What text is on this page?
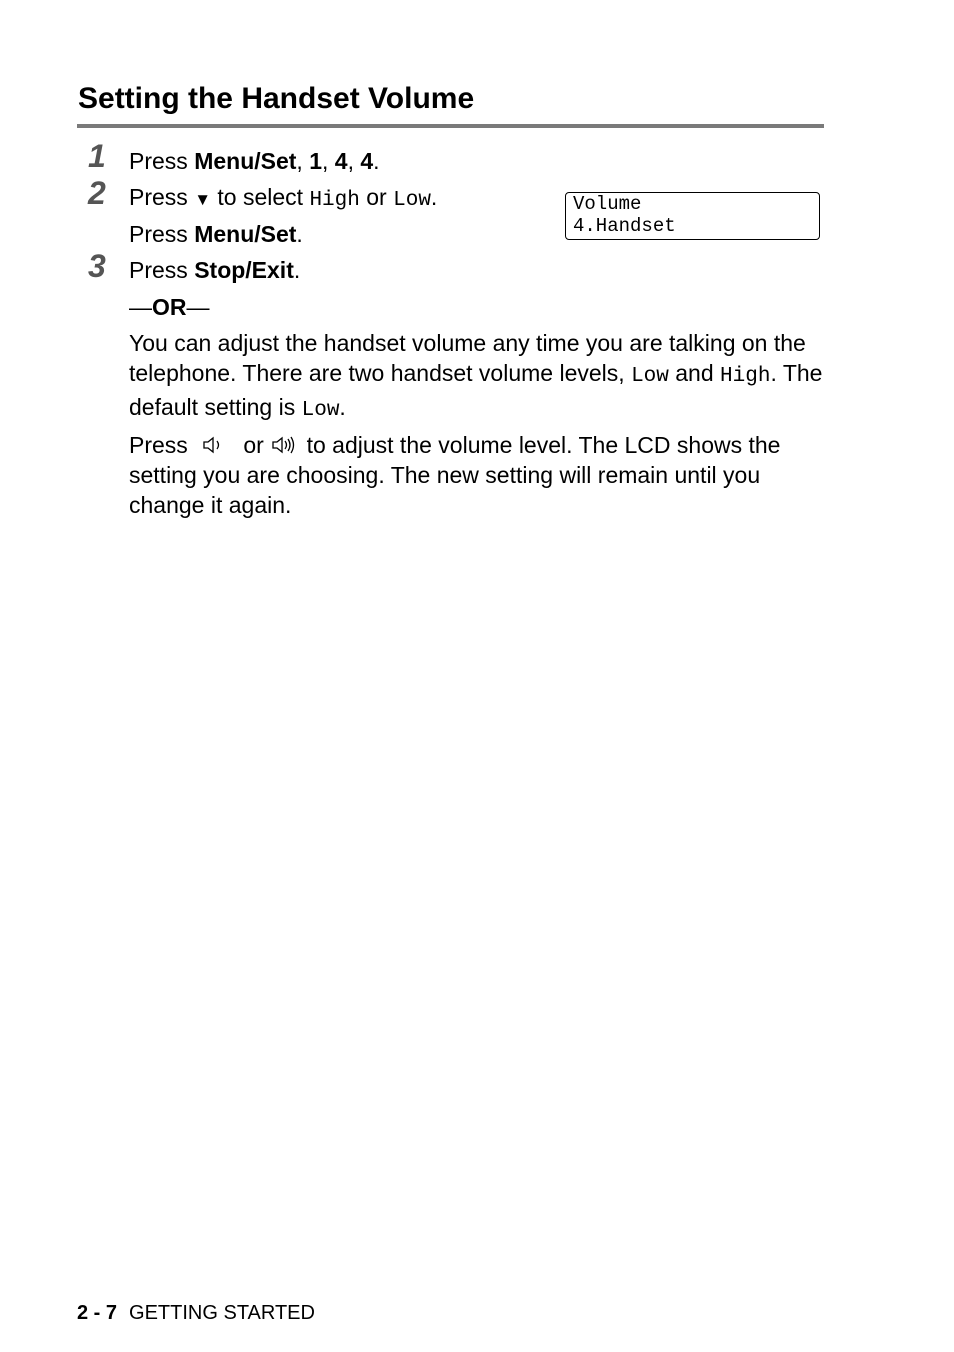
Setting the Handset Volume
1 Press Menu/Set, 1, 4, 4.
2 Press ▼ to select High or Low.
Press Menu/Set.
Volume
4.Handset
3 Press Stop/Exit.
—OR—

You can adjust the handset volume any time you are talking on the telephone. There are two handset volume levels, Low and High. The default setting is Low.

Press or to adjust the volume level. The LCD shows the setting you are choosing. The new setting will remain until you change it again.

2 - 7 GETTING STARTED
